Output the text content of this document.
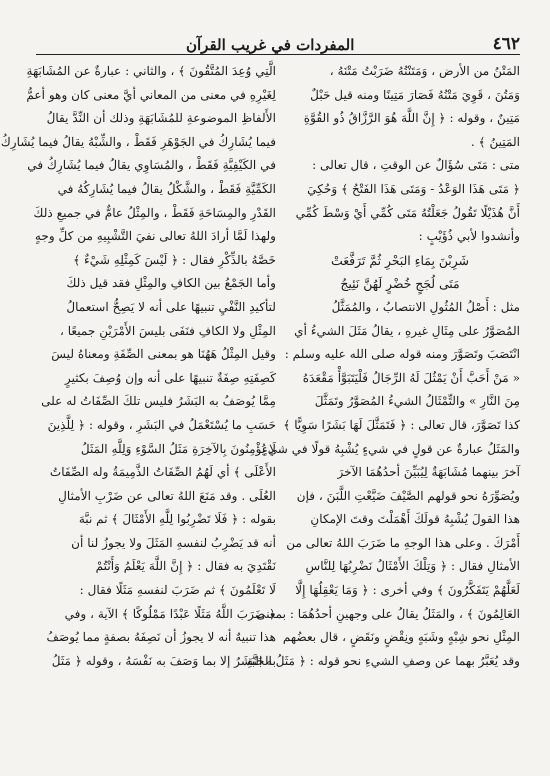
٤٦٢
المفردات في غريب القرآن

المَتْنُ من الأرض ، وَمَتَنْتُهُ ضَرَبْتُ مَتْنَهُ ،

وَمَتُنَ ، قَوِيَ مَتْنُهُ فَصَارَ مَتِينًا ومنه قيل حَبْلٌ

مَتِينٌ ، وقوله : ﴿ إِنَّ اللَّهَ هُوَ الرَّزَّاقُ ذُو القُوَّةِ

المَتِينُ ﴾ .

متى : مَتَى سُؤَالٌ عن الوقتِ ، قال تعالى :

﴿ مَتَى هَذَا الوَعْدُ - وَمَتَى هَذَا الفَتْحُ ﴾ وَحُكِيَ

أَنَّ هُذَيْلًا تَقُولُ جَعَلْتُهُ مَتَى كُمِّي أَيْ وَسْطَ كُمِّي

وأنشدوا لأبي ذُؤَيْبٍ :

شَرِبْنَ بِمَاءِ البَحْرِ ثُمَّ تَرَفَّعَتْ

مَتَى لُجَجٍ خُضْرٍ لَهُنَّ نَئِيجُ

مثل : أَصْلُ المُثُولِ الانتصابُ ، والمُمَثَّلُ

المُصَوَّرُ على مِثَالِ غيرهِ ، يقالُ مَثَلَ الشيءُ أي

انْتَصَبَ وتَصَوَّرَ ومنه قوله صلى الله عليه وسلم :

« مَنْ أَحَبَّ أَنْ يَمْثُلَ لَهُ الرِّجَالُ فَلْيَتَبَوَّأْ مَقْعَدَهُ

مِنَ النَّارِ » والتِّمْثَالُ الشيءُ المُصَوَّرُ وتَمَثَّلَ

كذا تَصَوَّرَ، قال تعالى : ﴿ فَتَمَثَّلَ لَهَا بَشَرًا سَوِيًّا ﴾

والمَثَلُ عبارةٌ عن قولٍ في شيءٍ يُشْبِهُ قولًا في شيءٍ

آخرَ بينهما مُشَابَهَةٌ لِيُبَيِّنَ أحدُهُمَا الآخرَ

ويُصَوِّرَهُ نحو قولهم الصَّيْفَ ضَيَّعْتِ اللَّبَنَ ، فإن

هذا القولَ يُشْبِهُ قولَكَ أَهْمَلْتَ وقتَ الإمكانِ

أَمْرَكَ . وعلى هذا الوجهِ ما ضَرَبَ اللهُ تعالى من

الأمثالِ فقال : ﴿ وَتِلْكَ الأَمْثَالُ نَضْرِبُهَا لِلنَّاسِ

لَعَلَّهُمْ يَتَفَكَّرُونَ ﴾ وفي أخرى : ﴿ وَمَا يَعْقِلُهَا إِلَّا

العَالِمُونَ ﴾ ، والمَثَلُ يقالُ على وجهينِ أحدُهُمَا : بمعنى

المِثْلِ نحو شِبْهٍ وشَبَهٍ ونِقْضٍ ونَقَضٍ ، قال بعضُهم

وقد يُعَبَّرُ بهما عن وصفِ الشيءِ نحو قوله : ﴿ مَثَلُ الجَنَّةِ

الَّتِي وُعِدَ المُتَّقُونَ ﴾ ، والثاني : عبارةٌ عن المُشَابَهَةِ

لِغَيْرِهِ في معنى من المعاني أيَّ معنى كان وهو أعمُّ

الأَلفاظِ الموضوعةِ للمُشَابَهَةِ وذلك أن النِّدَّ يقالُ

فيما يُشَارِكُ في الجَوْهَرِ فَقَطْ ، والشِّبْهُ يقالُ فيما يُشَارِكُ

في الكَيْفِيَّةِ فَقَطْ ، والمُسَاوِي يقالُ فيما يُشَارِكُ في

الكَمِّيَّةِ فَقَطْ ، والشَّكْلُ يقالُ فيما يُشَارِكُهُ في

القَدْرِ والمِسَاحَةِ فَقَطْ ، والمِثْلُ عامٌّ في جميعِ ذلكَ

ولهذا لَمَّا أرادَ اللهُ تعالى نفيَ التَّشْبِيهِ من كلِّ وجهٍ

خَصَّهُ بالذِّكْرِ فقال : ﴿ لَيْسَ كَمِثْلِهِ شَيْءٌ ﴾

وأما الجَمْعُ بين الكافِ والمِثْلِ فقد قيل ذلكَ

لتأكيدِ النَّفْيِ تنبيهًا على أنه لا يَصِحُّ استعمالُ

المِثْلِ ولا الكافِ فنَفَى بليسَ الأَمْرَيْنِ جميعًا ،

وقيل المِثْلُ هَهُنَا هو بمعنى الصِّفَةِ ومعناهُ ليسَ

كَصِفَتِهِ صِفَةٌ تنبيهًا على أنه وإن وُصِفَ بكثيرٍ

مِمَّا يُوصَفُ به البَشَرُ فليس تلكَ الصِّفَاتُ له على

حَسَبِ ما يُسْتَعْمَلُ في البَشَرِ ، وقوله : ﴿ لِلَّذِينَ

لَا يُؤْمِنُونَ بِالآخِرَةِ مَثَلُ السَّوْءِ وَلِلَّهِ المَثَلُ

الأَعْلَى ﴾ أي لَهُمُ الصِّفَاتُ الذَّمِيمَةُ وله الصِّفَاتُ

العُلَى . وقد مَنَعَ اللهُ تعالى عن ضَرْبِ الأمثالِ

بقوله : ﴿ فَلَا تَضْرِبُوا لِلَّهِ الأَمْثَالَ ﴾ ثم نبَّهَ

أنه قد يَضْرِبُ لنفسهِ المَثَلَ ولا يجوزُ لنا أن

نَقْتَدِيَ به فقال : ﴿ إِنَّ اللَّهَ يَعْلَمُ وَأَنْتُمْ

لَا تَعْلَمُونَ ﴾ ثم ضَرَبَ لنفسهِ مَثَلًا فقال :

﴿ ضَرَبَ اللَّهُ مَثَلًا عَبْدًا مَمْلُوكًا ﴾ الآية ، وفي

هذا تنبيهٌ أنه لا يجوزُ أن نَصِفَهُ بصفةٍ مما يُوصَفُ

به البَشَرُ إلا بما وَصَفَ به نَفْسَهُ ، وقوله ﴿ مَثَلُ
